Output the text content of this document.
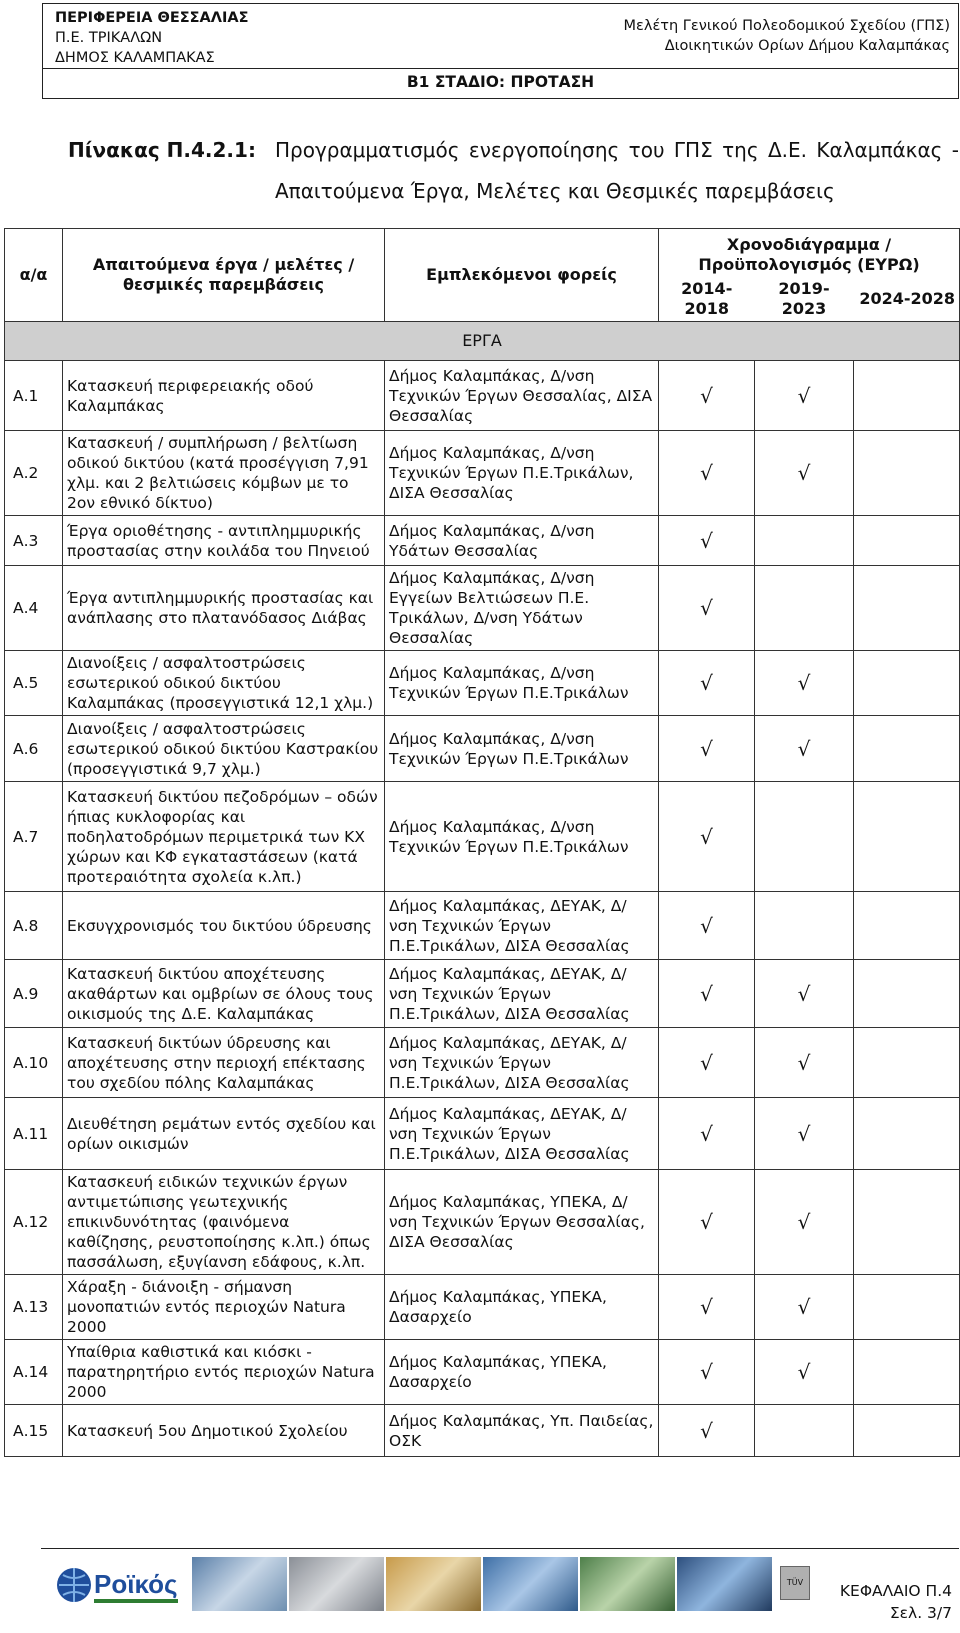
ΠΕΡΙΦΕΡΕΙΑ ΘΕΣΣΑΛΙΑΣ
Π.Ε. ΤΡΙΚΑΛΩΝ
ΔΗΜΟΣ ΚΑΛΑΜΠΑΚΑΣ
Μελέτη Γενικού Πολεοδομικού Σχεδίου (ΓΠΣ)
Διοικητικών Ορίων Δήμου Καλαμπάκας
Β1 ΣΤΑΔΙΟ: ΠΡΟΤΑΣΗ
Πίνακας Π.4.2.1: Προγραμματισμός ενεργοποίησης του ΓΠΣ της Δ.Ε. Καλαμπάκας -
Απαιτούμενα Έργα, Μελέτες και Θεσμικές παρεμβάσεις
α/α	Απαιτούμενα έργα / μελέτες / θεσμικές παρεμβάσεις	Εμπλεκόμενοι φορείς	Χρονοδιάγραμμα / Προϋπολογισμός (ΕΥΡΩ)		
			2014-2018	2019-2023	2024-2028
ΕΡΓΑ					
Α.1	Κατασκευή περιφερειακής οδού Καλαμπάκας	Δήμος Καλαμπάκας, Δ/νση Τεχνικών Έργων Θεσσαλίας, ΔΙΣΑ Θεσσαλίας	√	√	
Α.2	Κατασκευή / συμπλήρωση / βελτίωση οδικού δικτύου (κατά προσέγγιση 7,91 χλμ. και 2 βελτιώσεις κόμβων με το 2ον εθνικό δίκτυο)	Δήμος Καλαμπάκας, Δ/νση Τεχνικών Έργων Π.Ε.Τρικάλων, ΔΙΣΑ Θεσσαλίας	√	√	
Α.3	Έργα οριοθέτησης - αντιπλημμυρικής προστασίας στην κοιλάδα του Πηνειού	Δήμος Καλαμπάκας, Δ/νση Υδάτων Θεσσαλίας	√		
Α.4	Έργα αντιπλημμυρικής προστασίας και ανάπλασης στο πλατανόδασος Διάβας	Δήμος Καλαμπάκας, Δ/νση Εγγείων Βελτιώσεων Π.Ε. Τρικάλων, Δ/νση Υδάτων Θεσσαλίας	√		
Α.5	Διανοίξεις / ασφαλτοστρώσεις εσωτερικού οδικού δικτύου Καλαμπάκας (προσεγγιστικά 12,1 χλμ.)	Δήμος Καλαμπάκας, Δ/νση Τεχνικών Έργων Π.Ε.Τρικάλων	√	√	
Α.6	Διανοίξεις / ασφαλτοστρώσεις εσωτερικού οδικού δικτύου Καστρακίου (προσεγγιστικά 9,7 χλμ.)	Δήμος Καλαμπάκας, Δ/νση Τεχνικών Έργων Π.Ε.Τρικάλων	√	√	
Α.7	Κατασκευή δικτύου πεζοδρόμων – οδών ήπιας κυκλοφορίας και ποδηλατοδρόμων περιμετρικά των ΚΧ χώρων και ΚΦ εγκαταστάσεων (κατά προτεραιότητα σχολεία κ.λπ.)	Δήμος Καλαμπάκας, Δ/νση Τεχνικών Έργων Π.Ε.Τρικάλων	√		
Α.8	Εκσυγχρονισμός του δικτύου ύδρευσης	Δήμος Καλαμπάκας, ΔΕΥΑΚ, Δ/νση Τεχνικών Έργων Π.Ε.Τρικάλων, ΔΙΣΑ Θεσσαλίας	√		
Α.9	Κατασκευή δικτύου αποχέτευσης ακαθάρτων και ομβρίων σε όλους τους οικισμούς της Δ.Ε. Καλαμπάκας	Δήμος Καλαμπάκας, ΔΕΥΑΚ, Δ/νση Τεχνικών Έργων Π.Ε.Τρικάλων, ΔΙΣΑ Θεσσαλίας	√	√	
Α.10	Κατασκευή δικτύων ύδρευσης και αποχέτευσης στην περιοχή επέκτασης του σχεδίου πόλης Καλαμπάκας	Δήμος Καλαμπάκας, ΔΕΥΑΚ, Δ/νση Τεχνικών Έργων Π.Ε.Τρικάλων, ΔΙΣΑ Θεσσαλίας	√	√	
Α.11	Διευθέτηση ρεμάτων εντός σχεδίου και ορίων οικισμών	Δήμος Καλαμπάκας, ΔΕΥΑΚ, Δ/νση Τεχνικών Έργων Π.Ε.Τρικάλων, ΔΙΣΑ Θεσσαλίας	√	√	
Α.12	Κατασκευή ειδικών τεχνικών έργων αντιμετώπισης γεωτεχνικής επικινδυνότητας (φαινόμενα καθίζησης, ρευστοποίησης κ.λπ.) όπως πασσάλωση, εξυγίανση εδάφους, κ.λπ.	Δήμος Καλαμπάκας, ΥΠΕΚΑ, Δ/νση Τεχνικών Έργων Θεσσαλίας, ΔΙΣΑ Θεσσαλίας	√	√	
Α.13	Χάραξη - διάνοιξη - σήμανση μονοπατιών εντός περιοχών Natura 2000	Δήμος Καλαμπάκας, ΥΠΕΚΑ, Δασαρχείο	√	√	
Α.14	Υπαίθρια καθιστικά και κιόσκι - παρατηρητήριο εντός περιοχών Natura 2000	Δήμος Καλαμπάκας, ΥΠΕΚΑ, Δασαρχείο	√	√	
Α.15	Κατασκευή 5ου Δημοτικού Σχολείου	Δήμος Καλαμπάκας, Υπ. Παιδείας, ΟΣΚ	√		
Ροϊκός	TÜV	ΚΕΦΑΛΑΙΟ Π.4
Σελ. 3/7
